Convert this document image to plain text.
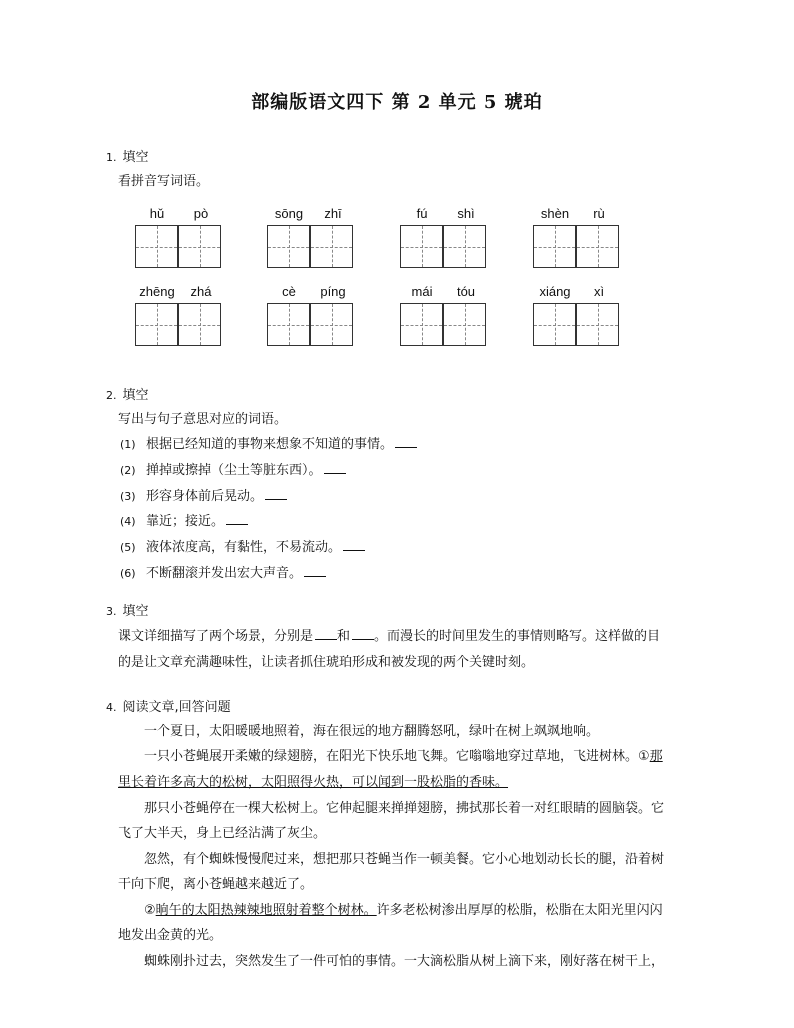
部编版语文四下 第 2 单元 5 琥珀
1. 填空
看拼音写词语。
hǔ	pò	sōng	zhī	fú	shì	shèn	rù
zhēng	zhá	cè	píng	mái	tóu	xiáng	xì
2. 填空
写出与句子意思对应的词语。
(1) 根据已经知道的事物来想象不知道的事情。
(2) 掸掉或擦掉（尘土等脏东西）。
(3) 形容身体前后晃动。
(4) 靠近；接近。
(5) 液体浓度高，有黏性，不易流动。
(6) 不断翻滚并发出宏大声音。
3. 填空
课文详细描写了两个场景，分别是 和 。而漫长的时间里发生的事情则略写。这样做的目
的是让文章充满趣味性，让读者抓住琥珀形成和被发现的两个关键时刻。
4. 阅读文章,回答问题
一个夏日，太阳暖暖地照着，海在很远的地方翻腾怒吼，绿叶在树上飒飒地响。
一只小苍蝇展开柔嫩的绿翅膀，在阳光下快乐地飞舞。它嗡嗡地穿过草地，飞进树林。①那
里长着许多高大的松树，太阳照得火热，可以闻到一股松脂的香味。
那只小苍蝇停在一棵大松树上。它伸起腿来掸掸翅膀，拂拭那长着一对红眼睛的圆脑袋。它
飞了大半天，身上已经沾满了灰尘。
忽然，有个蜘蛛慢慢爬过来，想把那只苍蝇当作一顿美餐。它小心地划动长长的腿，沿着树
干向下爬，离小苍蝇越来越近了。
②晌午的太阳热辣辣地照射着整个树林。许多老松树渗出厚厚的松脂，松脂在太阳光里闪闪
地发出金黄的光。
蜘蛛刚扑过去，突然发生了一件可怕的事情。一大滴松脂从树上滴下来，刚好落在树干上，
